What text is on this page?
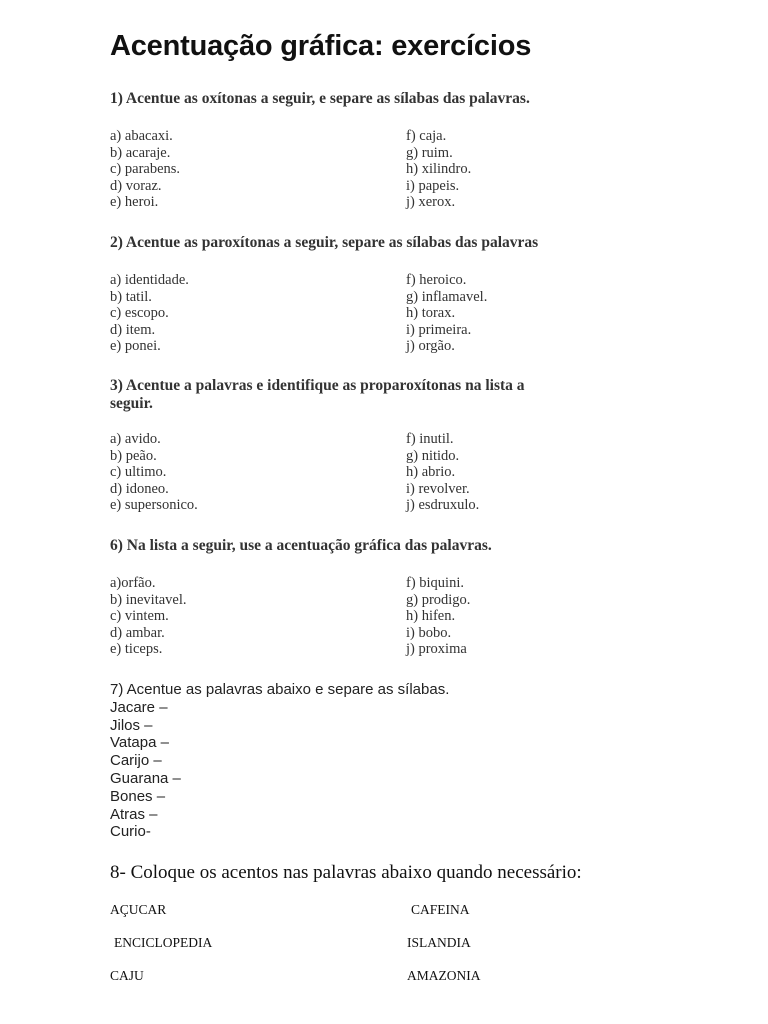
Acentuação gráfica: exercícios
1) Acentue as oxítonas a seguir, e separe as sílabas das palavras.
a) abacaxi.
b) acaraje.
c) parabens.
d) voraz.
e) heroi.
f) caja.
g) ruim.
h) xilindro.
i) papeis.
j) xerox.
2) Acentue as paroxítonas a seguir, separe as sílabas das palavras
a) identidade.
b) tatil.
c) escopo.
d) item.
e) ponei.
f) heroico.
g) inflamavel.
h) torax.
i) primeira.
j) orgão.
3) Acentue a palavras e identifique as proparoxítonas na lista a
seguir.
a) avido.
b) peão.
c) ultimo.
d) idoneo.
e) supersonico.
f) inutil.
g) nitido.
h) abrio.
i) revolver.
j) esdruxulo.
6) Na lista a seguir, use a acentuação gráfica das palavras.
a)orfão.
b) inevitavel.
c) vintem.
d) ambar.
e) ticeps.
f) biquini.
g) prodigo.
h) hifen.
i) bobo.
j) proxima
7) Acentue as palavras abaixo e separe as sílabas.
Jacare –
Jilos –
Vatapa –
Carijo –
Guarana –
Bones –
Atras –
Curio-
8- Coloque os acentos nas palavras abaixo quando necessário:
AÇUCAR
ENCICLOPEDIA
CAJU
CAFEINA
ISLANDIA
AMAZONIA
